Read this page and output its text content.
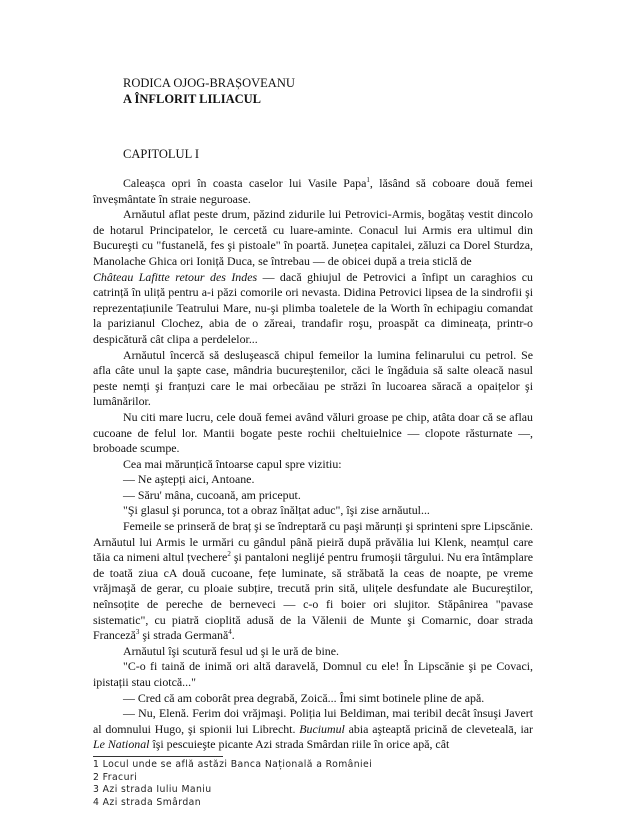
RODICA OJOG-BRAȘOVEANU
A ÎNFLORIT LILIACUL
CAPITOLUL I

Caleașca opri în coasta caselor lui Vasile Papa$^1$, lăsând să coboare două femei înveșmântate în straie neguroase.

Arnăutul aflat peste drum, păzind zidurile lui Petrovici-Armis, bogătaș vestit dincolo de hotarul Principatelor, le cercetă cu luare-aminte. Conacul lui Armis era ultimul din Bucureşti cu "fustanelă, fes şi pistoale" în poartă. Junețea capitalei, zăluzi ca Dorel Sturdza, Manolache Ghica ori Ioniță Duca, se întrebau — de obicei după a treia sticlă de

Château Lafitte retour des Indes — dacă ghiujul de Petrovici a înfipt un caraghios cu catrință în uliță pentru a-i păzi comorile ori nevasta. Didina Petrovici lipsea de la sindrofii şi reprezentațiunile Teatrului Mare, nu-şi plimba toaletele de la Worth în echipagiu comandat la parizianul Clochez, abia de o zăreai, trandafir roşu, proaspăt ca dimineața, printr-o despicătură cât clipa a perdelelor...

Arnăutul încercă să desluşească chipul femeilor la lumina felinarului cu petrol. Se afla câte unul la şapte case, mândria bucureştenilor, căci le îngăduia să salte oleacă nasul peste nemți şi franțuzi care le mai orbecăiau pe străzi în lucoarea săracă a opaițelor şi lumânărilor.

Nu citi mare lucru, cele două femei având văluri groase pe chip, atâta doar că se aflau cucoane de felul lor. Mantii bogate peste rochii cheltuielnice — clopote răsturnate —, broboade scumpe.

Cea mai mărunțică întoarse capul spre vizitiu:

— Ne aştepți aici, Antoane.

— Săru' mâna, cucoană, am priceput.

"Şi glasul şi porunca, tot a obraz înălțat aduc", îşi zise arnăutul...

Femeile se prinseră de braț şi se îndreptară cu paşi mărunți şi sprinteni spre Lipscănie. Arnăutul lui Armis le urmări cu gândul până pieiră după prăvălia lui Klenk, neamțul care tăia ca nimeni altul țvechere$^2$ şi pantaloni neglijé pentru frumoşii târgului. Nu era întâmplare de toată ziua cA două cucoane, fețe luminate, să străbată la ceas de noapte, pe vreme vrăjmaşă de gerar, cu ploaie subțire, trecută prin sită, ulițele desfundate ale Bucureştilor, neînsoțite de pereche de berneveci — c-o fi boier ori slujitor. Stăpânirea "pavase sistematic", cu piatră cioplită adusă de la Vălenii de Munte şi Comarnic, doar strada Franceză$^3$ şi strada Germană$^4$.

Arnăutul îşi scutură fesul ud şi le ură de bine.

"C-o fi taină de inimă ori altă daravelă, Domnul cu ele! În Lipscănie şi pe Covaci, ipistații stau ciotcă..."

— Cred că am coborât prea degrabă, Zoică... Îmi simt botinele pline de apă.

— Nu, Elenă. Ferim doi vrăjmaşi. Poliția lui Beldiman, mai teribil decât însuşi Javert al domnului Hugo, şi spionii lui Librecht. Buciumul abia aşteaptă pricină de clevetealā, iar Le National îşi pescuieşte picante Azi strada Smârdan riile în orice apă, cât

1 Locul unde se află astăzi Banca Națională a României
2 Fracuri
3 Azi strada Iuliu Maniu
4 Azi strada Smârdan
